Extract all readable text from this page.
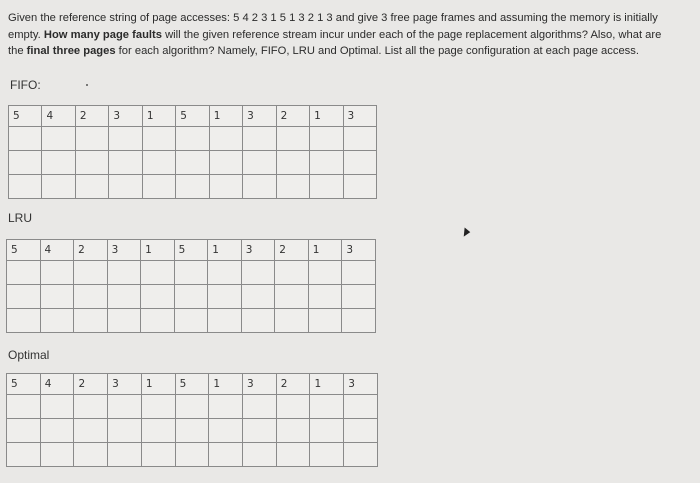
Given the reference string of page accesses: 5 4 2 3 1 5 1 3 2 1 3 and give 3 free page frames and assuming the memory is initially
empty. How many page faults will the given reference stream incur under each of the page replacement algorithms? Also, what are
the final three pages for each algorithm? Namely, FIFO, LRU and Optimal. List all the page configuration at each page access.
FIFO:
5	4	2	3	1	5	1	3	2	1	3

LRU
5	4	2	3	1	5	1	3	2	1	3

Optimal
5	4	2	3	1	5	1	3	2	1	3
